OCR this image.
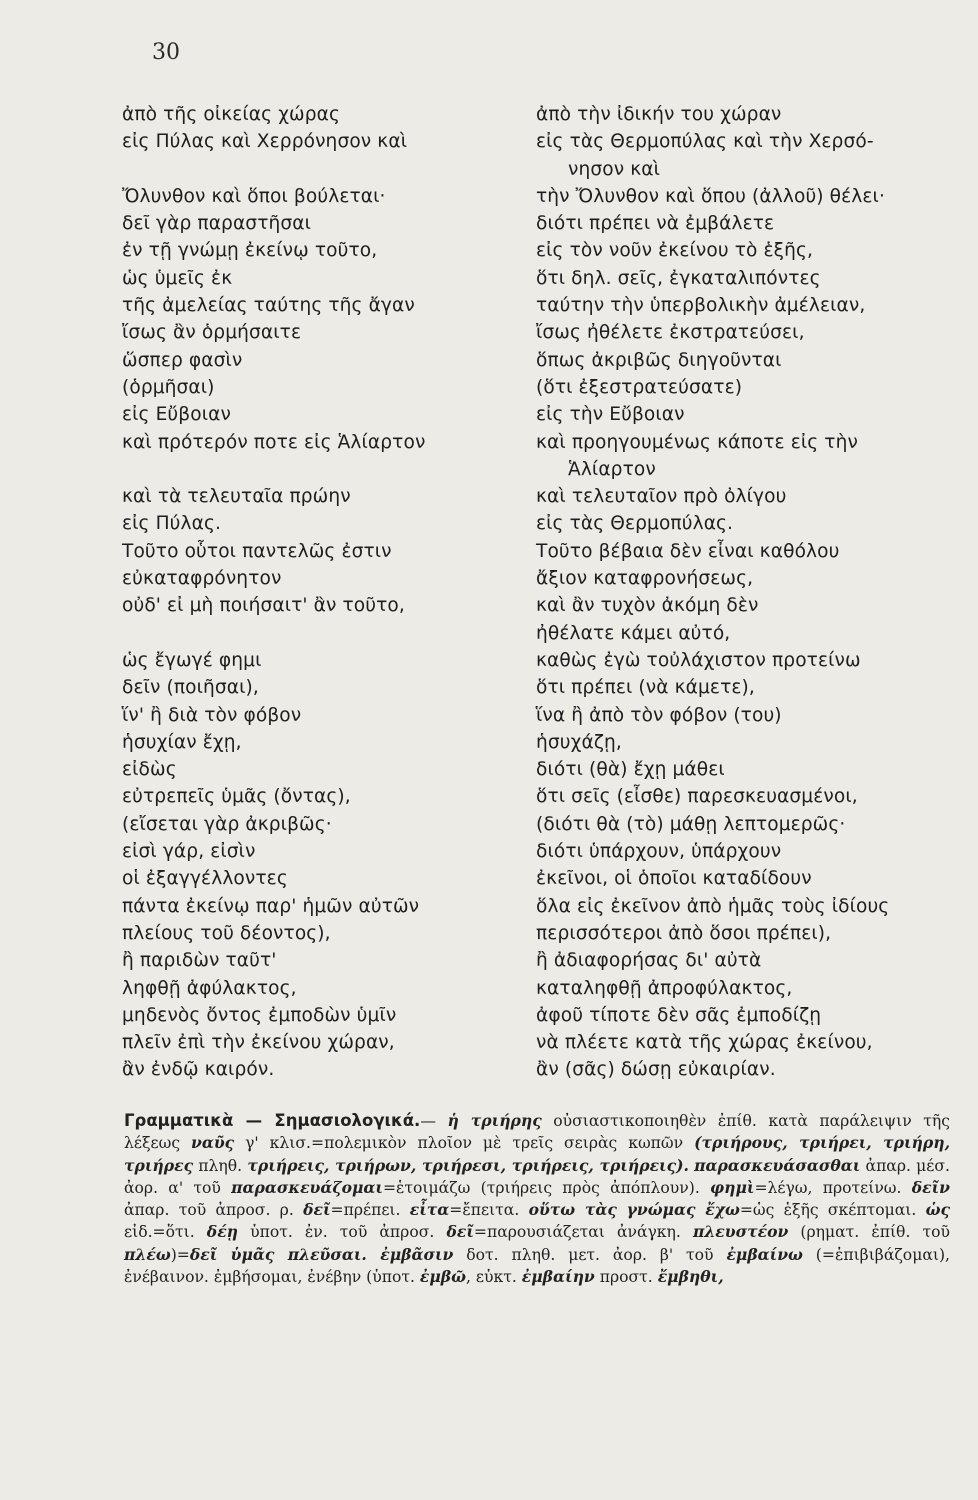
30
ἀπὸ τῆς οἰκείας χώρας
εἰς Πύλας καὶ Χερρόνησον καὶ
Ὄλυνθον καὶ ὅποι βούλεται·
δεῖ γὰρ παραστῆσαι
ἐν τῇ γνώμῃ ἐκείνῳ τοῦτο,
ὡς ὑμεῖς ἐκ
τῆς ἀμελείας ταύτης τῆς ἄγαν
ἴσως ἂν ὁρμήσαιτε
ὥσπερ φασὶν
(ὁρμῆσαι)
εἰς Εὔβοιαν
καὶ πρότερόν ποτε εἰς Ἁλίαρτον
καὶ τὰ τελευταῖα πρώην
εἰς Πύλας.
Τοῦτο οὗτοι παντελῶς ἐστιν
εὐκαταφρόνητον
οὐδ' εἰ μὴ ποιήσαιτ' ἂν τοῦτο,
ὡς ἔγωγέ φημι
δεῖν (ποιῆσαι),
ἵν' ἢ διὰ τὸν φόβον
ἡσυχίαν ἔχῃ,
εἰδὼς
εὐτρεπεῖς ὑμᾶς (ὄντας),
(εἴσεται γὰρ ἀκριβῶς·
εἰσὶ γάρ, εἰσὶν
οἱ ἐξαγγέλλοντες
πάντα ἐκείνῳ παρ' ἡμῶν αὐτῶν
πλείους τοῦ δέοντος),
ἢ παριδὼν ταῦτ'
ληφθῇ ἀφύλακτος,
μηδενὸς ὄντος ἐμποδὼν ὑμῖν
πλεῖν ἐπὶ τὴν ἐκείνου χώραν,
ἂν ἐνδῷ καιρόν.
ἀπὸ τὴν ἰδικήν του χώραν
εἰς τὰς Θερμοπύλας καὶ τὴν Χερσό-
νησον καὶ
τὴν Ὄλυνθον καὶ ὅπου (ἀλλοῦ) θέλει·
διότι πρέπει νὰ ἐμβάλετε
εἰς τὸν νοῦν ἐκείνου τὸ ἑξῆς,
ὅτι δηλ. σεῖς, ἐγκαταλιπόντες
ταύτην τὴν ὑπερβολικὴν ἀμέλειαν,
ἴσως ἠθέλετε ἐκστρατεύσει,
ὅπως ἀκριβῶς διηγοῦνται
(ὅτι ἐξεστρατεύσατε)
εἰς τὴν Εὔβοιαν
καὶ προηγουμένως κάποτε εἰς τὴν
Ἁλίαρτον
καὶ τελευταῖον πρὸ ὀλίγου
εἰς τὰς Θερμοπύλας.
Τοῦτο βέβαια δὲν εἶναι καθόλου
ἄξιον καταφρονήσεως,
καὶ ἂν τυχὸν ἀκόμη δὲν
ἠθέλατε κάμει αὐτό,
καθὼς ἐγὼ τοὐλάχιστον προτείνω
ὅτι πρέπει (νὰ κάμετε),
ἵνα ἢ ἀπὸ τὸν φόβον (του)
ἡσυχάζῃ,
διότι (θὰ) ἔχῃ μάθει
ὅτι σεῖς (εἶσθε) παρεσκευασμένοι,
(διότι θὰ (τὸ) μάθῃ λεπτομερῶς·
διότι ὑπάρχουν, ὑπάρχουν
ἐκεῖνοι, οἱ ὁποῖοι καταδίδουν
ὅλα εἰς ἐκεῖνον ἀπὸ ἡμᾶς τοὺς ἰδίους
περισσότεροι ἀπὸ ὅσοι πρέπει),
ἢ ἀδιαφορήσας δι' αὐτὰ
καταληφθῇ ἀπροφύλακτος,
ἀφοῦ τίποτε δὲν σᾶς ἐμποδίζῃ
νὰ πλέετε κατὰ τῆς χώρας ἐκείνου,
ἂν (σᾶς) δώσῃ εὐκαιρίαν.
Γραμματικὰ — Σημασιολογικά.— ἡ τριήρης οὐσιαστικοποιηθὲν ἐπίθ. κατὰ παράλειψιν τῆς λέξεως ναῦς γ' κλισ.=πολεμικὸν πλοῖον μὲ τρεῖς σειρὰς κωπῶν (τριήρους, τριήρει, τριήρη, τριήρες πληθ. τριήρεις, τριήρων, τριήρεσι, τριήρεις, τριήρεις). παρασκευάσασθαι ἀπαρ. μέσ. ἀορ. α' τοῦ παρασκευάζομαι=ἑτοιμάζω (τριήρεις πρὸς ἀπόπλουν). φημὶ=λέγω, προτείνω. δεῖν ἀπαρ. τοῦ ἀπροσ. ρ. δεῖ=πρέπει. εἶτα=ἔπειτα. οὕτω τὰς γνώμας ἔχω=ὡς ἑξῆς σκέπτομαι. ὡς εἰδ.=ὅτι. δέῃ ὑποτ. ἐν. τοῦ ἀπροσ. δεῖ=παρουσιάζεται ἀνάγκη. πλευστέον (ρηματ. ἐπίθ. τοῦ πλέω)=δεῖ ὑμᾶς πλεῦσαι. ἐμβᾶσιν δοτ. πληθ. μετ. ἀορ. β' τοῦ ἐμβαίνω (=ἐπιβιβάζομαι), ἐνέβαινον. ἐμβήσομαι, ἐνέβην (ὑποτ. ἐμβῶ, εὐκτ. ἐμβαίην προστ. ἔμβηθι,
